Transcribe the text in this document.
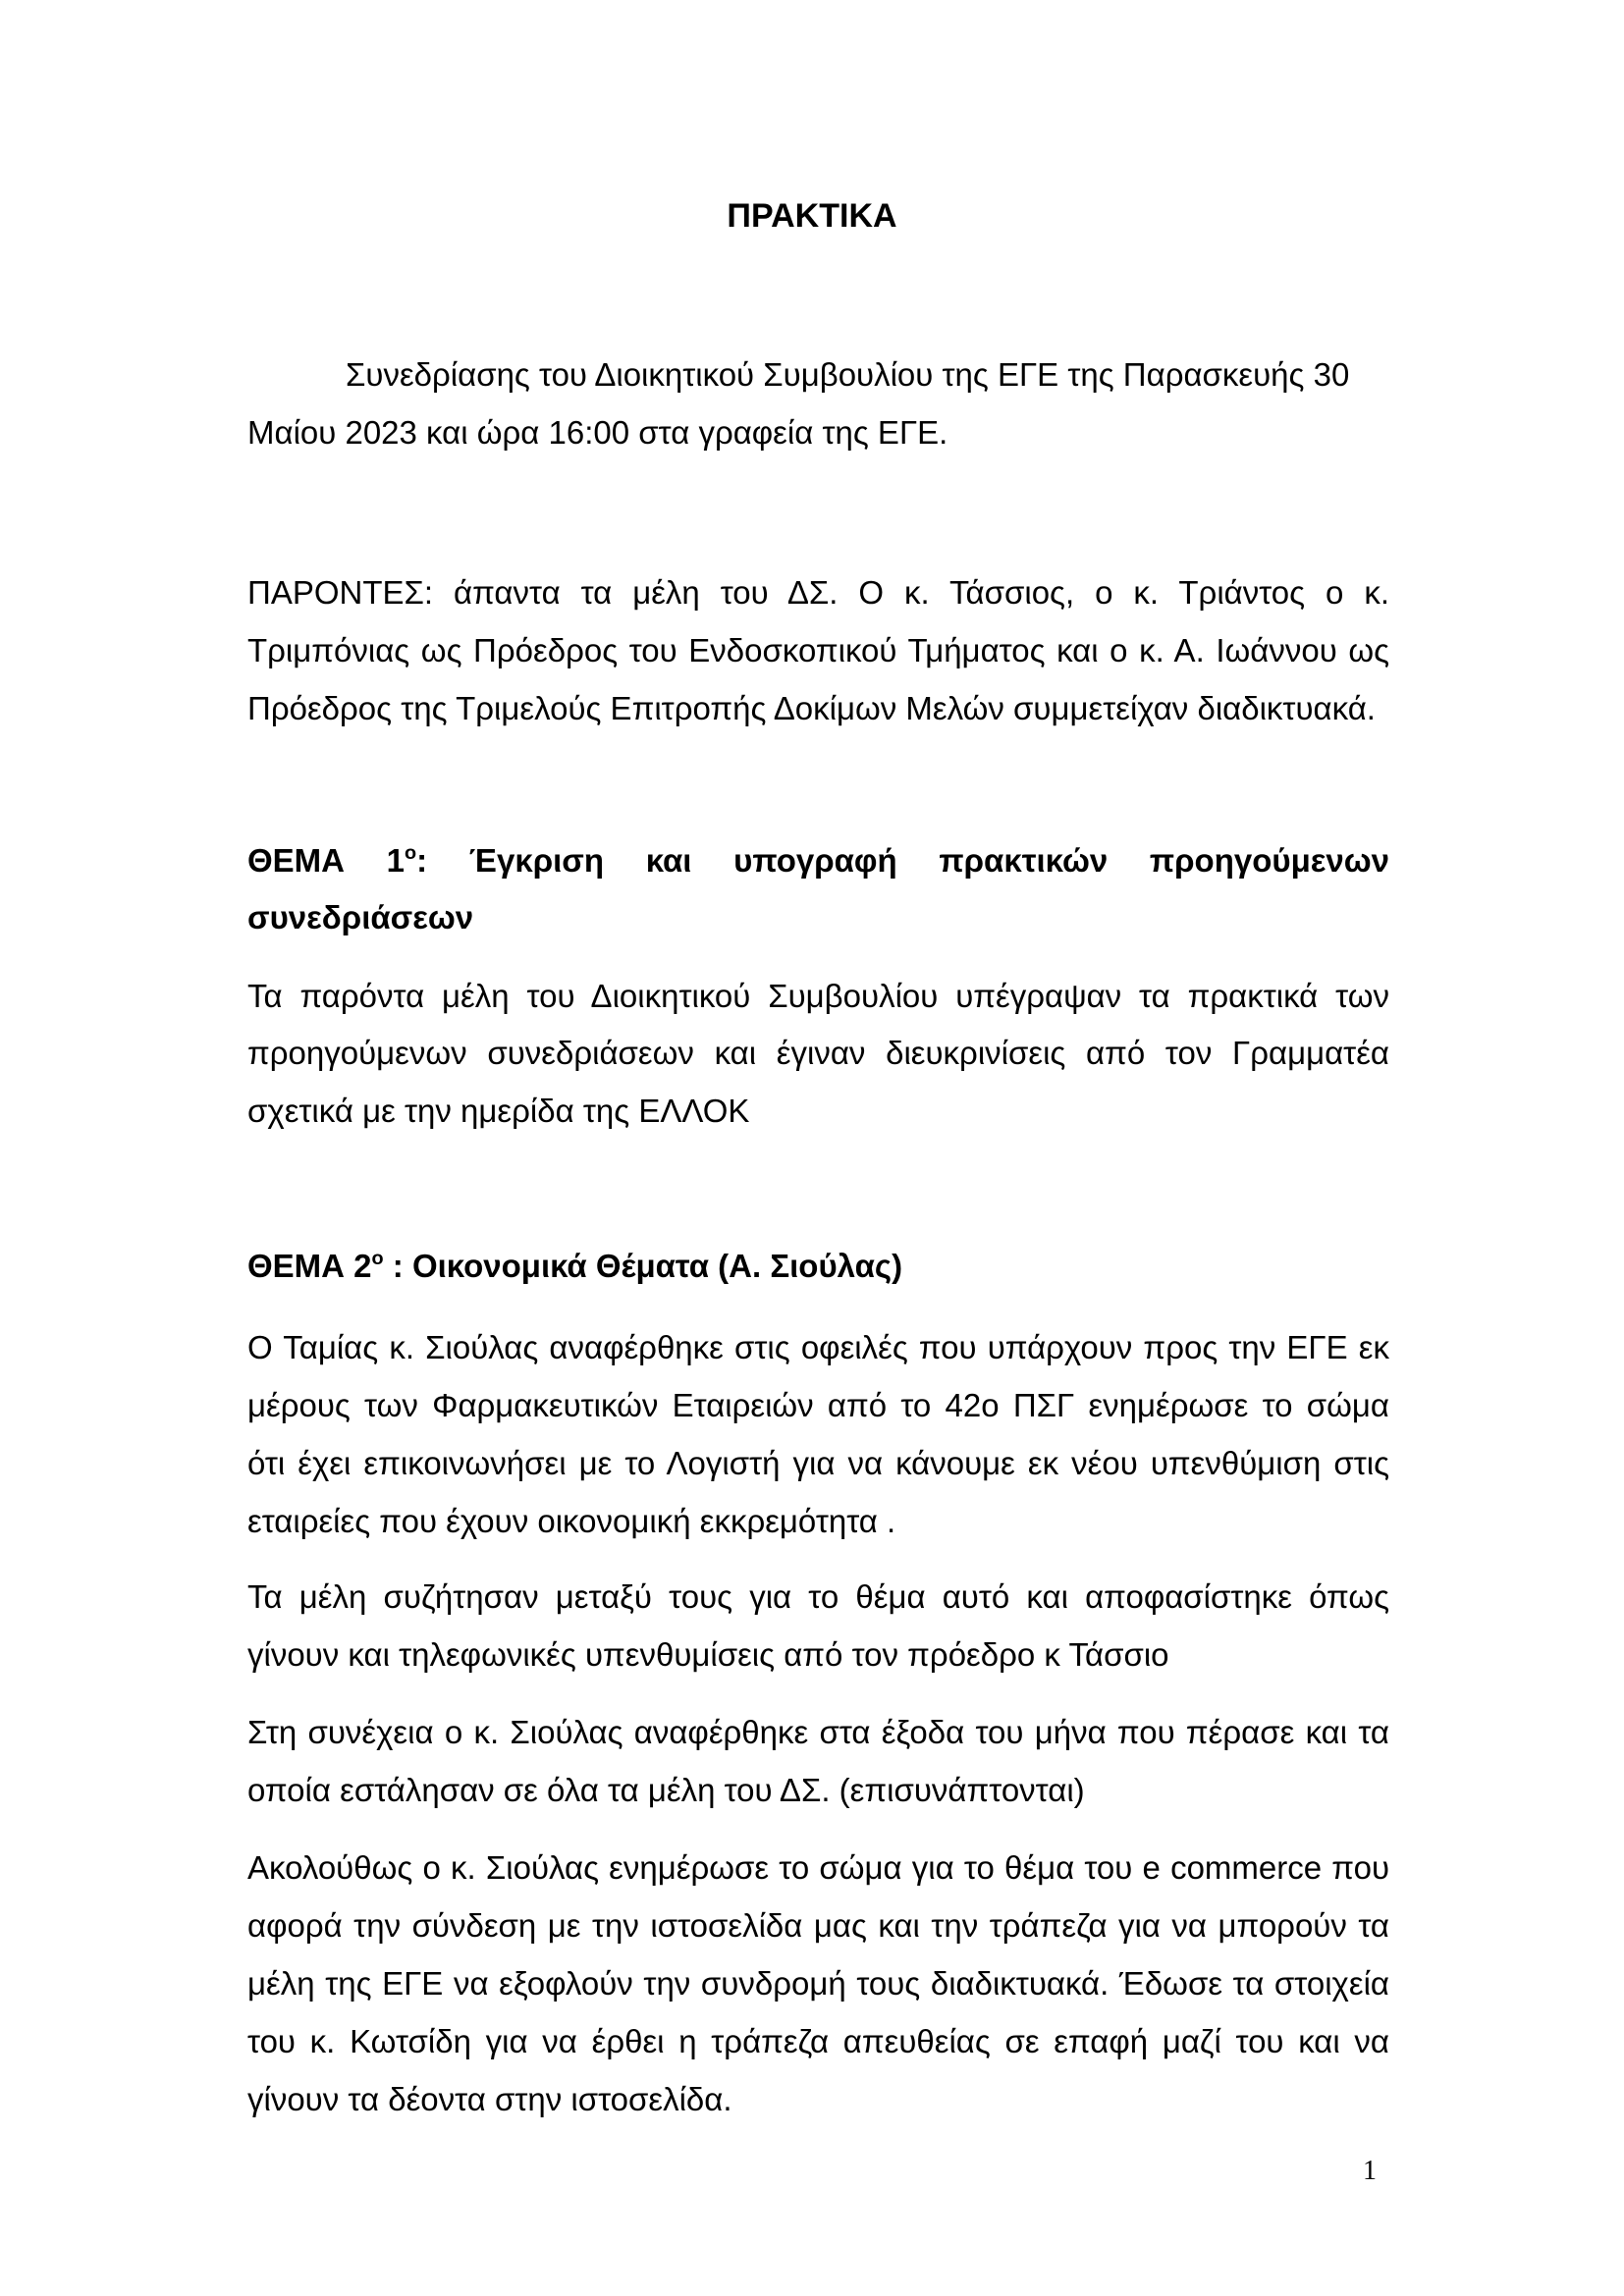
ΠΡΑΚΤΙΚΑ
Συνεδρίασης του Διοικητικού Συμβουλίου της ΕΓΕ της Παρασκευής 30
Μαίου 2023 και ώρα 16:00 στα γραφεία της ΕΓΕ.
ΠΑΡΟΝΤΕΣ: άπαντα τα μέλη του ΔΣ. Ο κ. Τάσσιος, ο κ. Τριάντος ο κ.
Τριμπόνιας ως Πρόεδρος του Ενδοσκοπικού Τμήματος και ο κ. Α. Ιωάννου ως
Πρόεδρος της Τριμελούς Επιτροπής Δοκίμων Μελών συμμετείχαν διαδικτυακά.
ΘΕΜΑ $1^o$: Έγκριση και υπογραφή πρακτικών προηγούμενων
συνεδριάσεων
Τα παρόντα μέλη του Διοικητικού Συμβουλίου υπέγραψαν τα πρακτικά των
προηγούμενων συνεδριάσεων και έγιναν διευκρινίσεις από τον Γραμματέα
σχετικά με την ημερίδα της ΕΛΛΟΚ
ΘΕΜΑ $2^o$ : Οικονομικά Θέματα (Α. Σιούλας)
Ο Ταμίας κ. Σιούλας αναφέρθηκε στις οφειλές που υπάρχουν προς την ΕΓΕ εκ
μέρους των Φαρμακευτικών Εταιρειών από το 42ο ΠΣΓ ενημέρωσε το σώμα
ότι έχει επικοινωνήσει με το Λογιστή για να κάνουμε εκ νέου υπενθύμιση στις
εταιρείες που έχουν οικονομική εκκρεμότητα .
Τα μέλη συζήτησαν μεταξύ τους για το θέμα αυτό και αποφασίστηκε όπως
γίνουν και τηλεφωνικές υπενθυμίσεις από τον πρόεδρο κ Τάσσιο
Στη συνέχεια ο κ. Σιούλας αναφέρθηκε στα έξοδα του μήνα που πέρασε και τα
οποία εστάλησαν σε όλα τα μέλη του ΔΣ. (επισυνάπτονται)
Ακολούθως ο κ. Σιούλας ενημέρωσε το σώμα για το θέμα του e commerce που
αφορά την σύνδεση με την ιστοσελίδα μας και την τράπεζα για να μπορούν τα
μέλη της ΕΓΕ να εξοφλούν την συνδρομή τους διαδικτυακά. Έδωσε τα στοιχεία
του κ. Κωτσίδη για να έρθει η τράπεζα απευθείας σε επαφή μαζί του και να
γίνουν τα δέοντα στην ιστοσελίδα.
1
